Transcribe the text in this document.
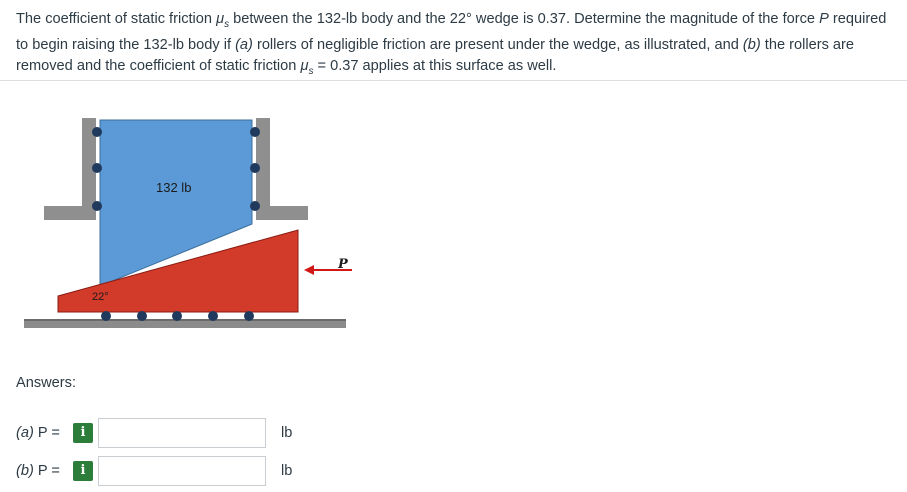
The coefficient of static friction $\mu_s$ between the 132-lb body and the 22° wedge is 0.37. Determine the magnitude of the force P required to begin raising the 132-lb body if (a) rollers of negligible friction are present under the wedge, as illustrated, and (b) the rollers are removed and the coefficient of static friction $\mu_s = 0.37$ applies at this surface as well.
132 lb
22°
P
Answers:
(a) P =	i	lb
(b) P =	i	lb
